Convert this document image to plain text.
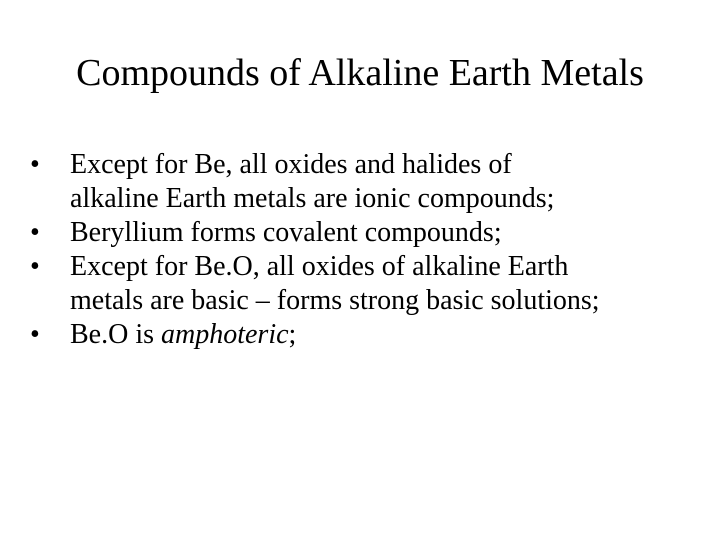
Compounds of Alkaline Earth Metals
•	Except for Be, all oxides and halides of
alkaline Earth metals are ionic compounds;
•	Beryllium forms covalent compounds;
•	Except for Be.O, all oxides of alkaline Earth
metals are basic – forms strong basic solutions;
•	Be.O is amphoteric;
